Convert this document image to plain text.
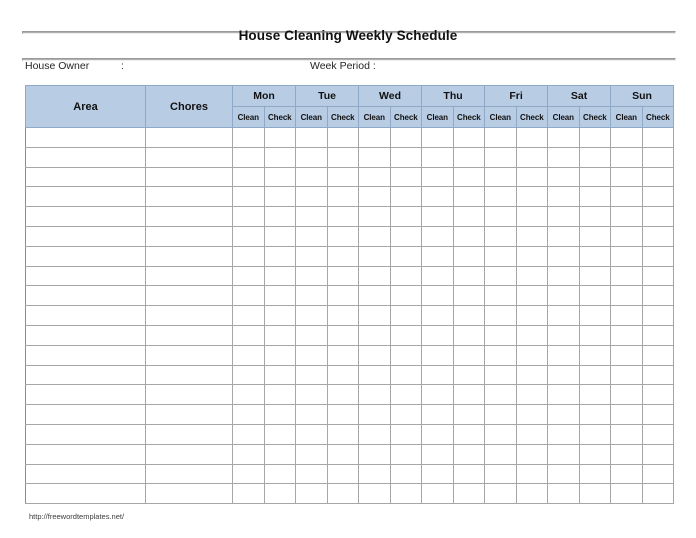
House Cleaning Weekly Schedule
House Owner	:	Week Period :
Area	Chores	Mon		Tue		Wed		Thu		Fri		Sat		Sun	
		Clean	Check	Clean	Check	Clean	Check	Clean	Check	Clean	Check	Clean	Check	Clean	Check

http://freewordtemplates.net/
